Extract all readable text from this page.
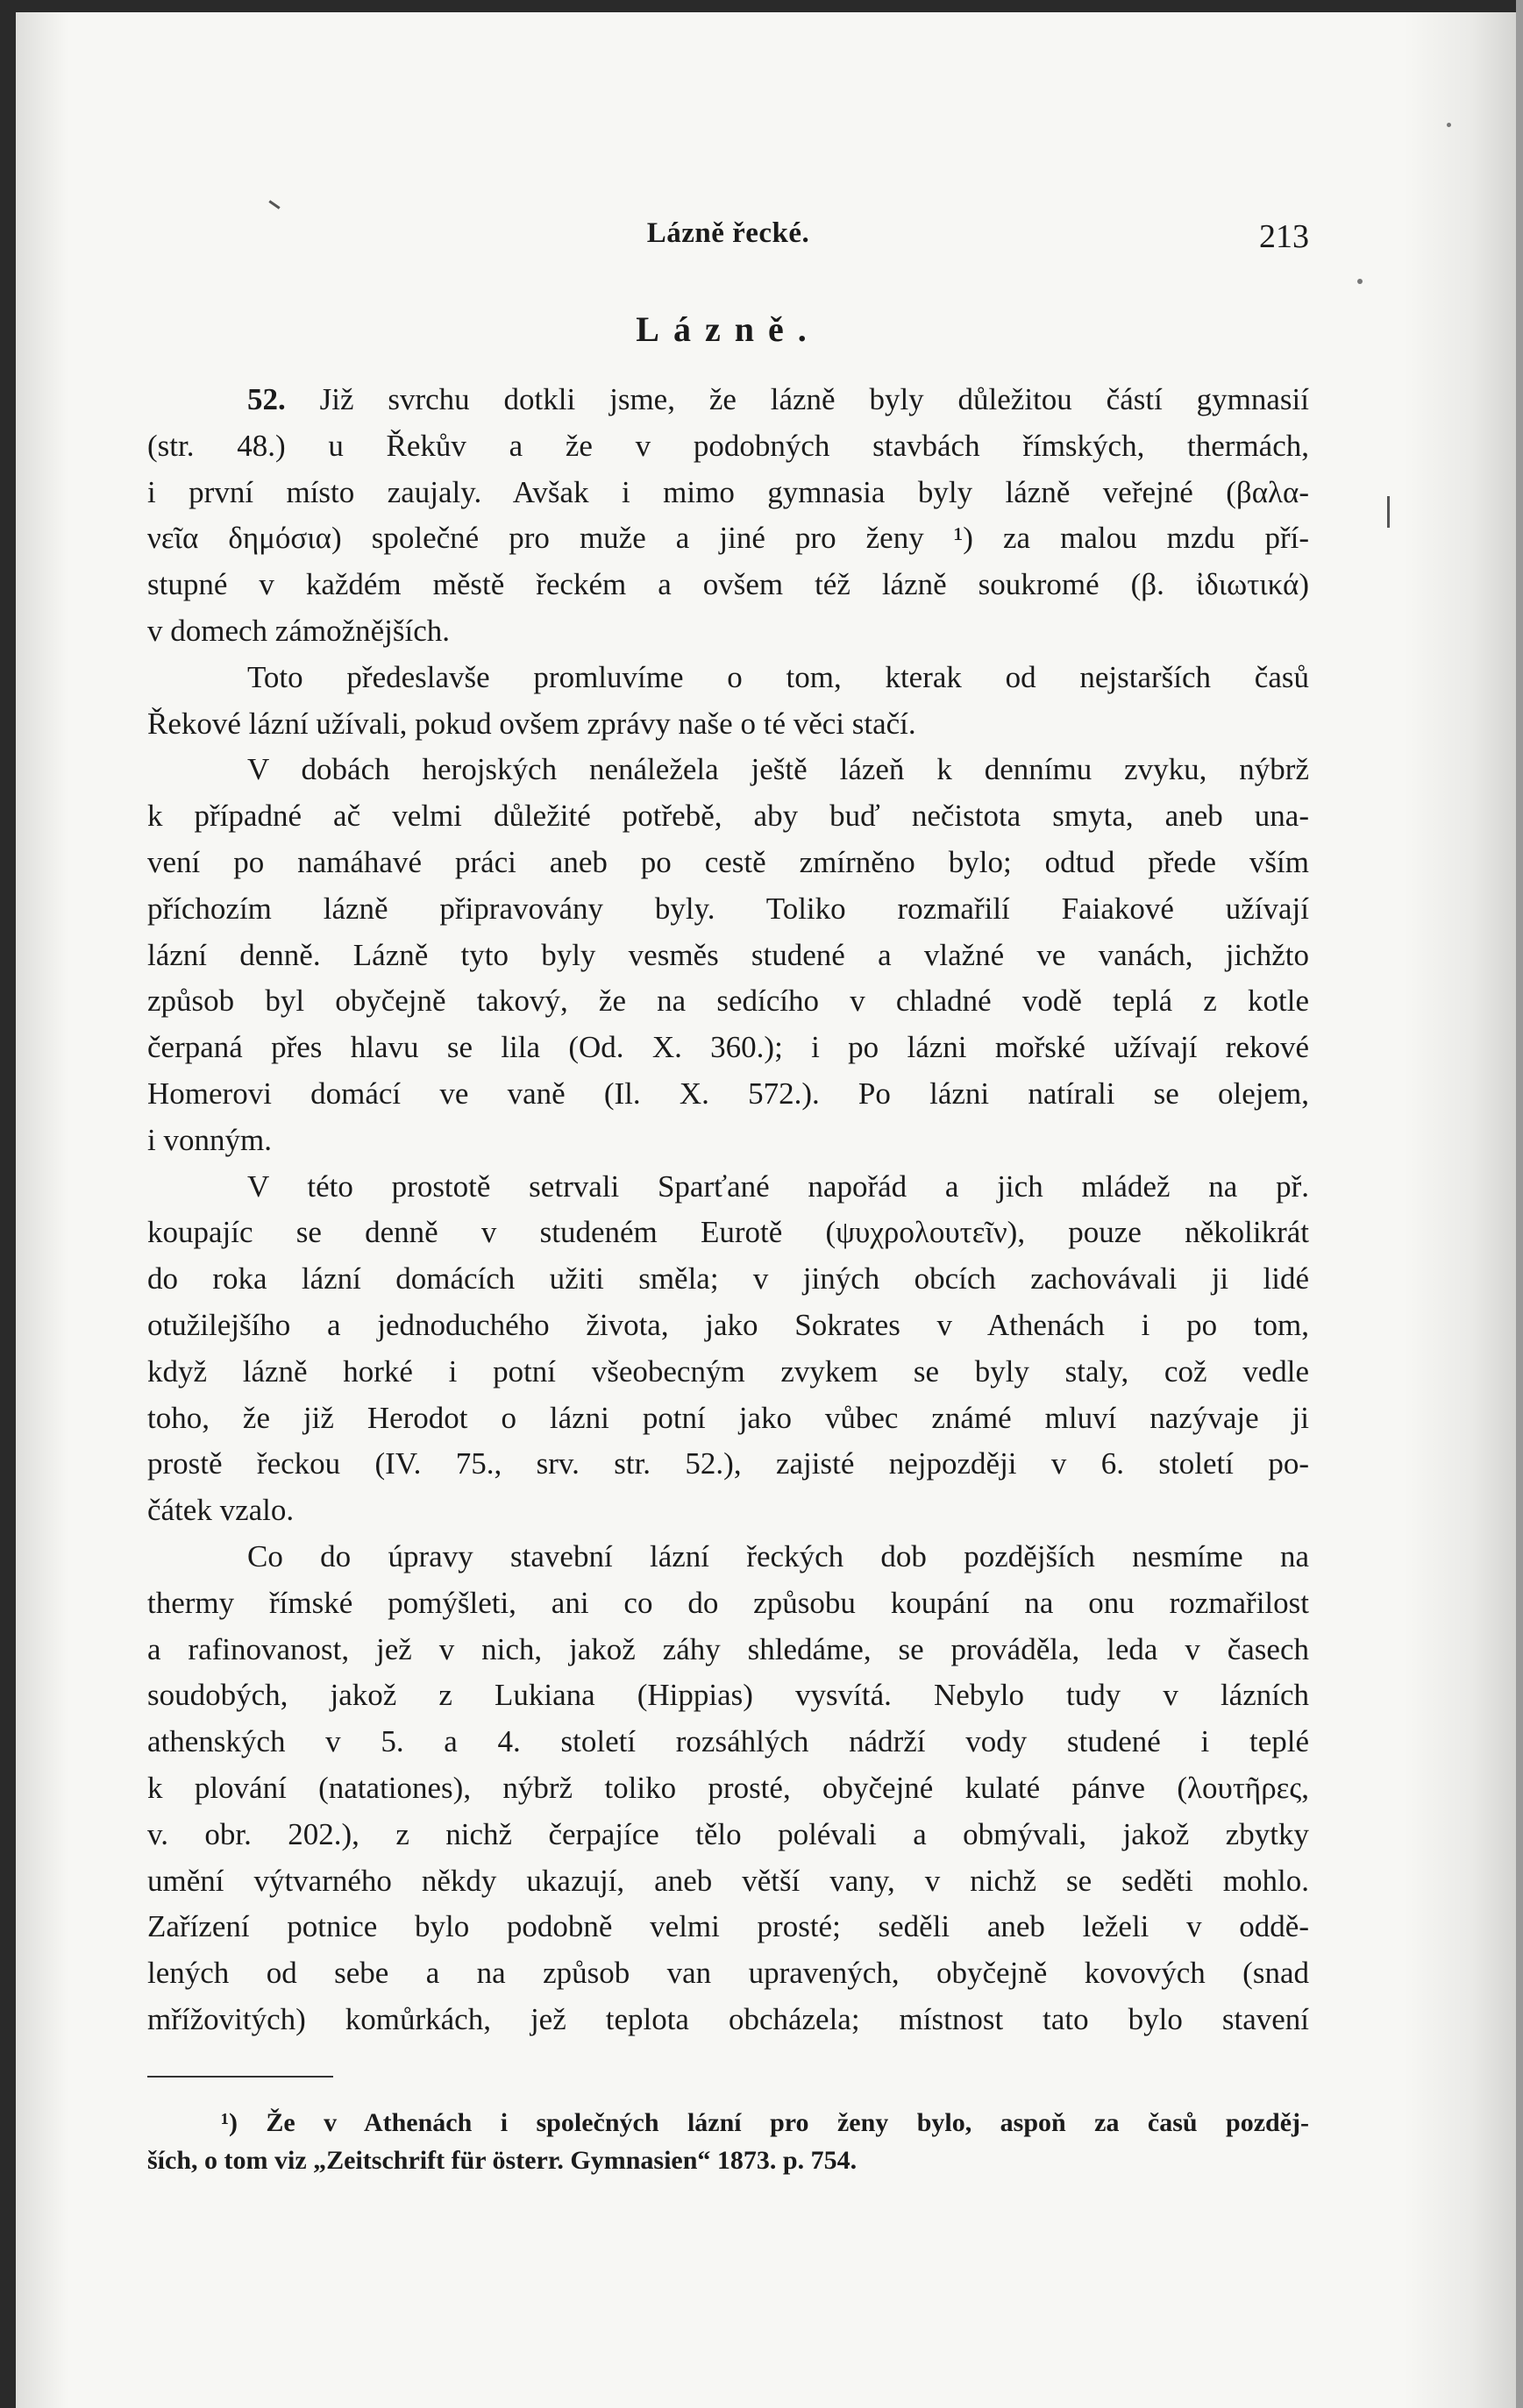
Lázně řecké.	213
Lázně.
52. Již svrchu dotkli jsme, že lázně byly důležitou částí gymnasií
(str. 48.) u Řekův a že v podobných stavbách římských, thermách,
i první místo zaujaly. Avšak i mimo gymnasia byly lázně veřejné (βαλα-
νεῖα δημόσια) společné pro muže a jiné pro ženy ¹) za malou mzdu pří-
stupné v každém městě řeckém a ovšem též lázně soukromé (β. ἰδιωτικά)
v domech zámožnějších.
Toto předeslavše promluvíme o tom, kterak od nejstarších časů
Řekové lázní užívali, pokud ovšem zprávy naše o té věci stačí.
V dobách herojských nenáležela ještě lázeň k dennímu zvyku, nýbrž
k případné ač velmi důležité potřebě, aby buď nečistota smyta, aneb una-
vení po namáhavé práci aneb po cestě zmírněno bylo; odtud přede vším
příchozím lázně připravovány byly. Toliko rozmařilí Faiakové užívají
lázní denně. Lázně tyto byly vesměs studené a vlažné ve vanách, jichžto
způsob byl obyčejně takový, že na sedícího v chladné vodě teplá z kotle
čerpaná přes hlavu se lila (Od. X. 360.); i po lázni mořské užívají rekové
Homerovi domácí ve vaně (Il. X. 572.). Po lázni natírali se olejem,
i vonným.
V této prostotě setrvali Sparťané napořád a jich mládež na př.
koupajíc se denně v studeném Eurotě (ψυχρολουτεῖν), pouze několikrát
do roka lázní domácích užiti směla; v jiných obcích zachovávali ji lidé
otužilejšího a jednoduchého života, jako Sokrates v Athenách i po tom,
když lázně horké i potní všeobecným zvykem se byly staly, což vedle
toho, že již Herodot o lázni potní jako vůbec známé mluví nazývaje ji
prostě řeckou (IV. 75., srv. str. 52.), zajisté nejpozději v 6. století po-
čátek vzalo.
Co do úpravy stavební lázní řeckých dob pozdějších nesmíme na
thermy římské pomýšleti, ani co do způsobu koupání na onu rozmařilost
a rafinovanost, jež v nich, jakož záhy shledáme, se prováděla, leda v časech
soudobých, jakož z Lukiana (Hippias) vysvítá. Nebylo tudy v lázních
athenských v 5. a 4. století rozsáhlých nádrží vody studené i teplé
k plování (natationes), nýbrž toliko prosté, obyčejné kulaté pánve (λουτῆρες,
v. obr. 202.), z nichž čerpajíce tělo polévali a obmývali, jakož zbytky
umění výtvarného někdy ukazují, aneb větší vany, v nichž se seděti mohlo.
Zařízení potnice bylo podobně velmi prosté; seděli aneb leželi v oddě-
lených od sebe a na způsob van upravených, obyčejně kovových (snad
mřížovitých) komůrkách, jež teplota obcházela; místnost tato bylo stavení
¹) Že v Athenách i společných lázní pro ženy bylo, aspoň za časů pozděj-
ších, o tom viz „Zeitschrift für österr. Gymnasien“ 1873. p. 754.
